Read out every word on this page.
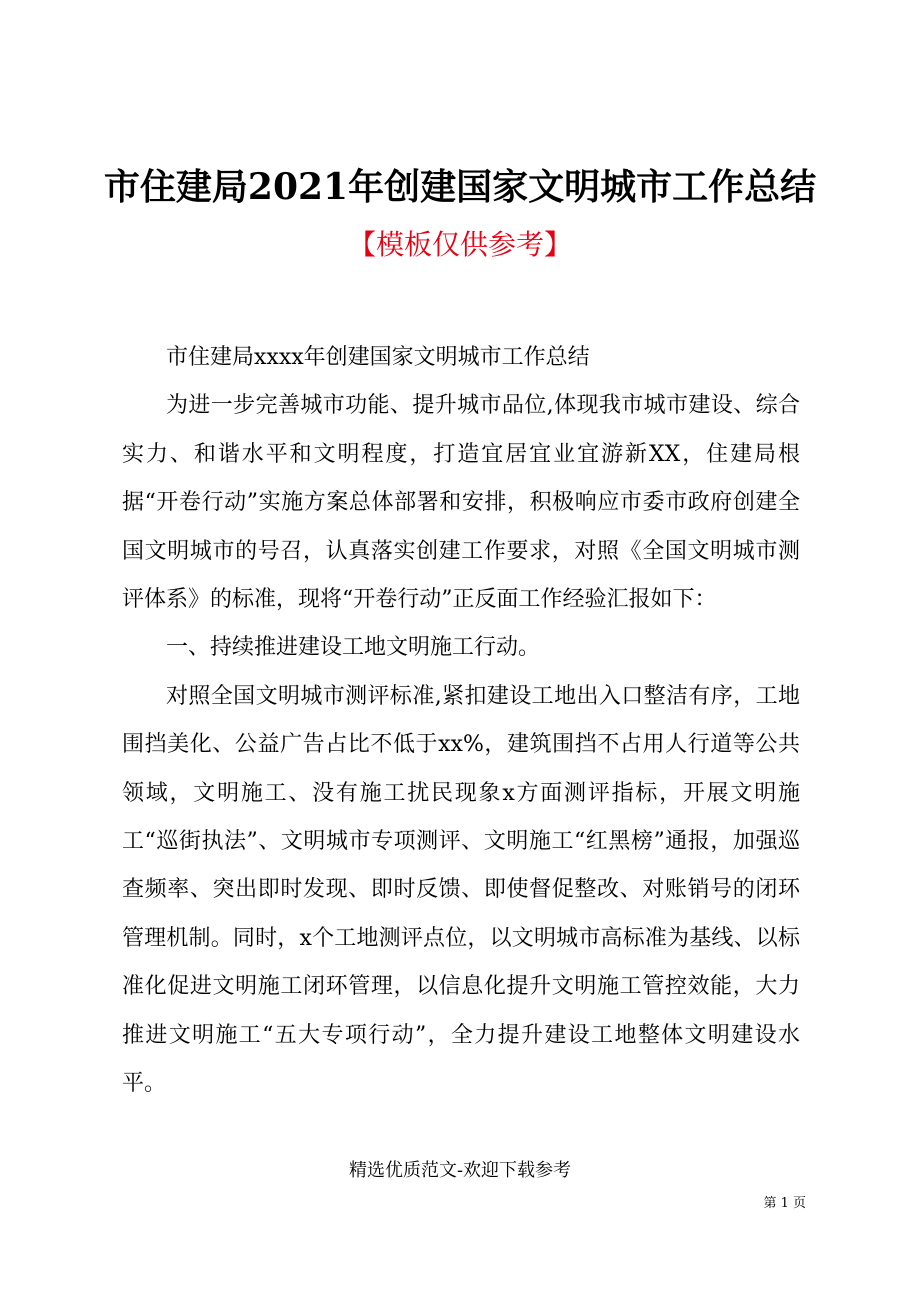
市住建局2021年创建国家文明城市工作总结
【模板仅供参考】

市住建局xxxx年创建国家文明城市工作总结

为进一步完善城市功能、提升城市品位,体现我市城市建设、综合实力、和谐水平和文明程度，打造宜居宜业宜游新XX，住建局根据“开卷行动”实施方案总体部署和安排，积极响应市委市政府创建全国文明城市的号召，认真落实创建工作要求，对照《全国文明城市测评体系》的标准，现将“开卷行动”正反面工作经验汇报如下：

一、持续推进建设工地文明施工行动。

对照全国文明城市测评标准,紧扣建设工地出入口整洁有序，工地围挡美化、公益广告占比不低于xx%，建筑围挡不占用人行道等公共领域，文明施工、没有施工扰民现象x方面测评指标，开展文明施工“巡街执法”、文明城市专项测评、文明施工“红黑榜”通报，加强巡查频率、突出即时发现、即时反馈、即使督促整改、对账销号的闭环管理机制。同时，x个工地测评点位，以文明城市高标准为基线、以标准化促进文明施工闭环管理，以信息化提升文明施工管控效能，大力推进文明施工“五大专项行动”，全力提升建设工地整体文明建设水平。

精选优质范文-欢迎下载参考
第 1 页
